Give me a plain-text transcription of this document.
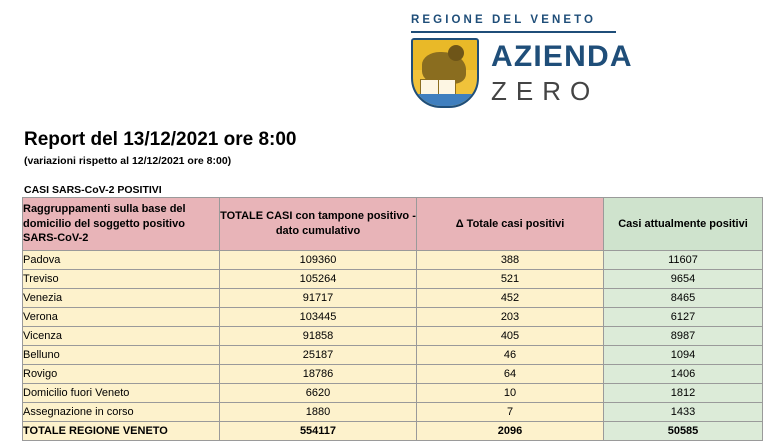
REGIONE DEL VENETO
AZIENDA
ZERO
Report del 13/12/2021 ore 8:00
(variazioni rispetto al 12/12/2021 ore 8:00)
CASI SARS-CoV-2 POSITIVI
Raggruppamenti sulla base del domicilio del soggetto positivo SARS-CoV-2	TOTALE CASI con tampone positivo - dato cumulativo	Δ Totale casi positivi	Casi attualmente positivi
Padova	109360	388	11607
Treviso	105264	521	9654
Venezia	91717	452	8465
Verona	103445	203	6127
Vicenza	91858	405	8987
Belluno	25187	46	1094
Rovigo	18786	64	1406
Domicilio fuori Veneto	6620	10	1812
Assegnazione in corso	1880	7	1433
TOTALE REGIONE VENETO	554117	2096	50585
